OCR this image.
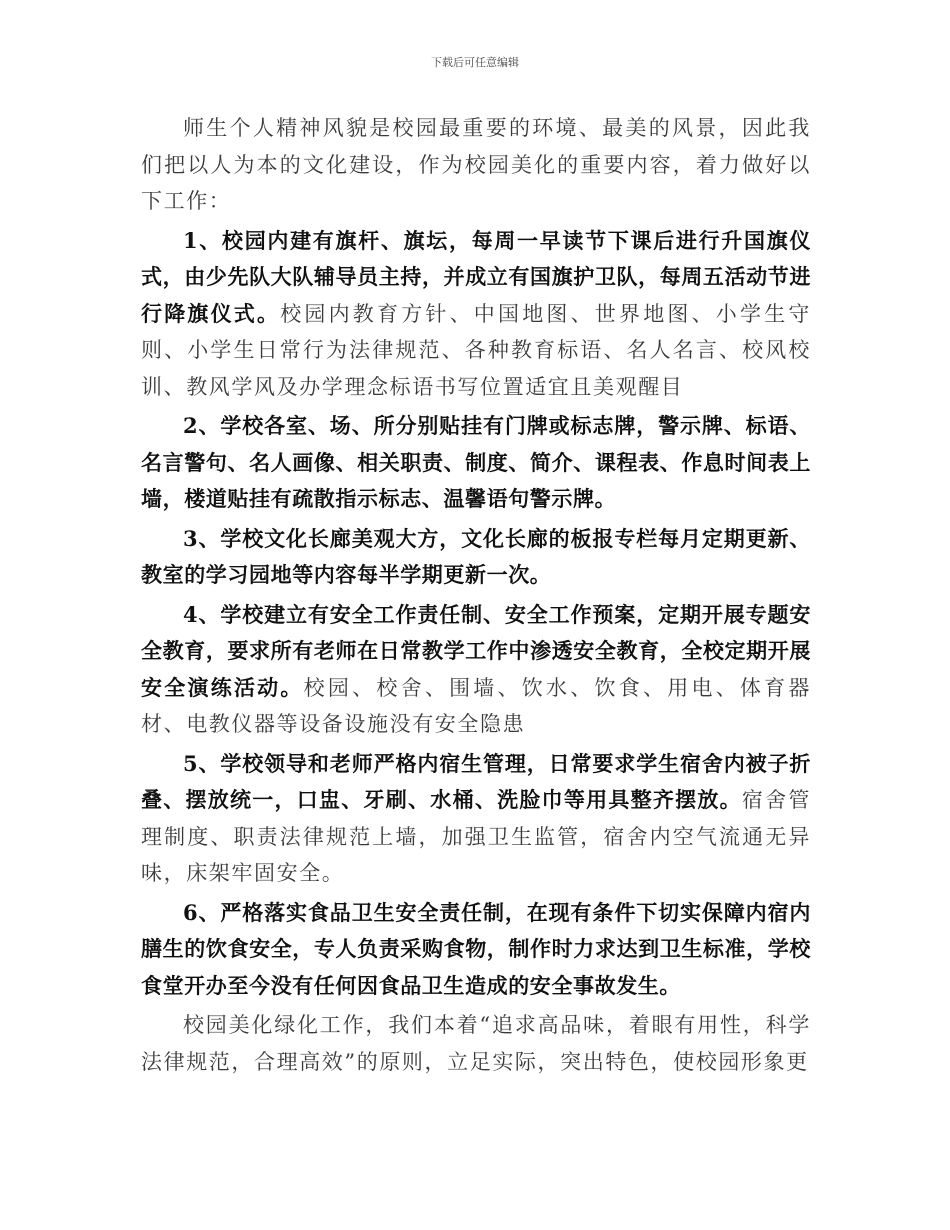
下载后可任意编辑

师生个人精神风貌是校园最重要的环境、最美的风景，因此我们把以人为本的文化建设，作为校园美化的重要内容，着力做好以下工作：

1、校园内建有旗杆、旗坛，每周一早读节下课后进行升国旗仪式，由少先队大队辅导员主持，并成立有国旗护卫队，每周五活动节进行降旗仪式。校园内教育方针、中国地图、世界地图、小学生守则、小学生日常行为法律规范、各种教育标语、名人名言、校风校训、教风学风及办学理念标语书写位置适宜且美观醒目

2、学校各室、场、所分别贴挂有门牌或标志牌，警示牌、标语、名言警句、名人画像、相关职责、制度、简介、课程表、作息时间表上墙，楼道贴挂有疏散指示标志、温馨语句警示牌。

3、学校文化长廊美观大方，文化长廊的板报专栏每月定期更新、教室的学习园地等内容每半学期更新一次。

4、学校建立有安全工作责任制、安全工作预案，定期开展专题安全教育，要求所有老师在日常教学工作中渗透安全教育，全校定期开展安全演练活动。校园、校舍、围墙、饮水、饮食、用电、体育器材、电教仪器等设备设施没有安全隐患

5、学校领导和老师严格内宿生管理，日常要求学生宿舍内被子折叠、摆放统一，口盅、牙刷、水桶、洗脸巾等用具整齐摆放。宿舍管理制度、职责法律规范上墙，加强卫生监管，宿舍内空气流通无异味，床架牢固安全。

6、严格落实食品卫生安全责任制，在现有条件下切实保障内宿内膳生的饮食安全，专人负责采购食物，制作时力求达到卫生标准，学校食堂开办至今没有任何因食品卫生造成的安全事故发生。

校园美化绿化工作，我们本着“追求高品味，着眼有用性，科学法律规范，合理高效”的原则，立足实际，突出特色，使校园形象更
